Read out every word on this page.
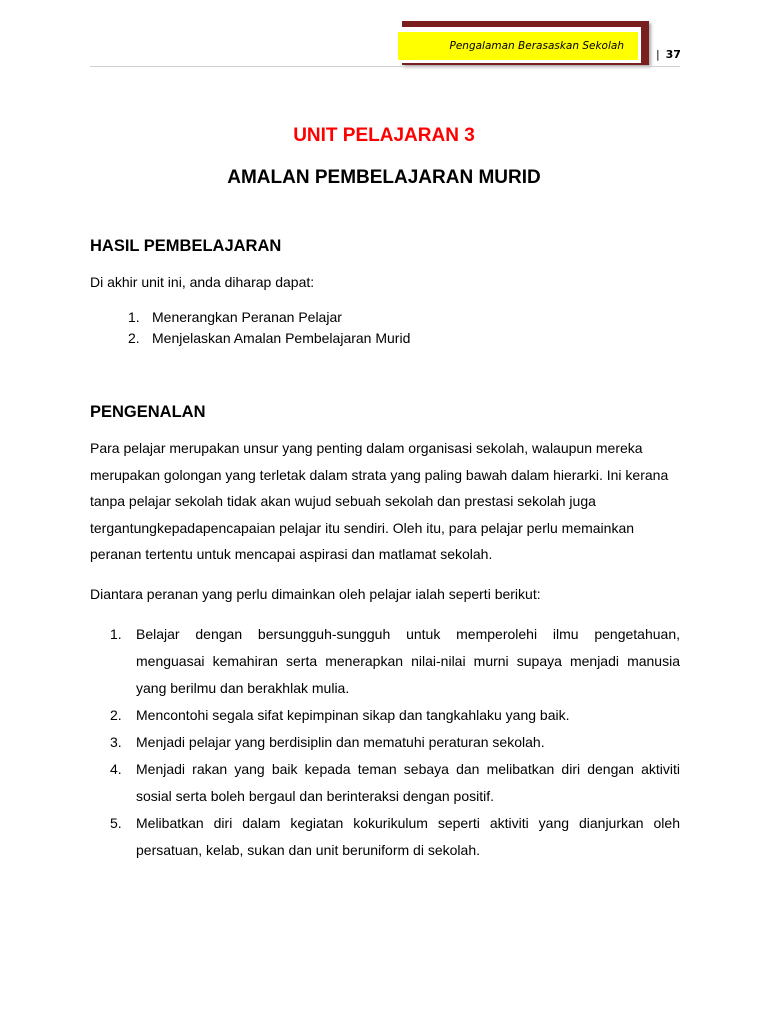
Pengalaman Berasaskan Sekolah
| 37
UNIT PELAJARAN 3
AMALAN PEMBELAJARAN MURID
HASIL PEMBELAJARAN
Di akhir unit ini, anda diharap dapat:
1. Menerangkan Peranan Pelajar
2. Menjelaskan Amalan Pembelajaran Murid
PENGENALAN
Para pelajar merupakan unsur yang penting dalam organisasi sekolah, walaupun mereka merupakan golongan yang terletak dalam strata yang paling bawah dalam hierarki. Ini kerana tanpa pelajar sekolah tidak akan wujud sebuah sekolah dan prestasi sekolah juga tergantungkepadapencapaian pelajar itu sendiri. Oleh itu, para pelajar perlu memainkan peranan tertentu untuk mencapai aspirasi dan matlamat sekolah.
Diantara peranan yang perlu dimainkan oleh pelajar ialah seperti berikut:
1. Belajar dengan bersungguh-sungguh untuk memperolehi ilmu pengetahuan, menguasai kemahiran serta menerapkan nilai-nilai murni supaya menjadi manusia yang berilmu dan berakhlak mulia.
2. Mencontohi segala sifat kepimpinan sikap dan tangkahlaku yang baik.
3. Menjadi pelajar yang berdisiplin dan mematuhi peraturan sekolah.
4. Menjadi rakan yang baik kepada teman sebaya dan melibatkan diri dengan aktiviti sosial serta boleh bergaul dan berinteraksi dengan positif.
5. Melibatkan diri dalam kegiatan kokurikulum seperti aktiviti yang dianjurkan oleh persatuan, kelab, sukan dan unit beruniform di sekolah.
